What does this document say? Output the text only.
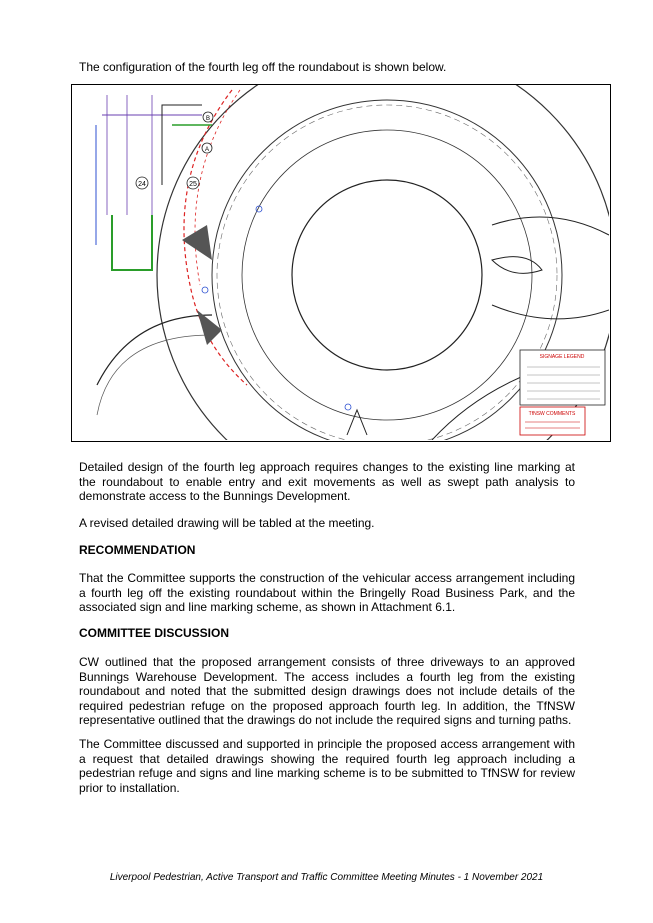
The configuration of the fourth leg off the roundabout is shown below.

24	25
A
B
SIGNAGE LEGEND
TfNSW COMMENTS

Detailed design of the fourth leg approach requires changes to the existing line marking at the roundabout to enable entry and exit movements as well as swept path analysis to demonstrate access to the Bunnings Development.

A revised detailed drawing will be tabled at the meeting.

RECOMMENDATION

That the Committee supports the construction of the vehicular access arrangement including a fourth leg off the existing roundabout within the Bringelly Road Business Park, and the associated sign and line marking scheme, as shown in Attachment 6.1.

COMMITTEE DISCUSSION

CW outlined that the proposed arrangement consists of three driveways to an approved Bunnings Warehouse Development. The access includes a fourth leg from the existing roundabout and noted that the submitted design drawings does not include details of the required pedestrian refuge on the proposed approach fourth leg. In addition, the TfNSW representative outlined that the drawings do not include the required signs and turning paths.

The Committee discussed and supported in principle the proposed access arrangement with a request that detailed drawings showing the required fourth leg approach including a pedestrian refuge and signs and line marking scheme is to be submitted to TfNSW for review prior to installation.

Liverpool Pedestrian, Active Transport and Traffic Committee Meeting Minutes - 1 November 2021
